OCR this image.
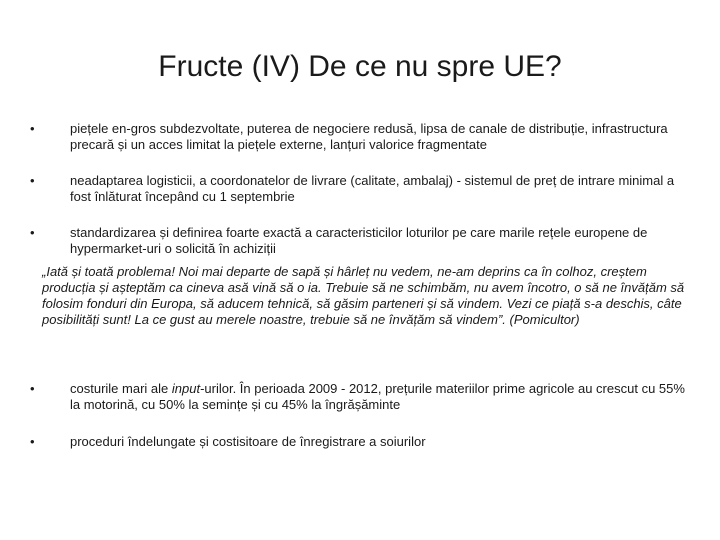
Fructe (IV) De ce nu spre UE?
•	piețele en-gros subdezvoltate, puterea de negociere redusă, lipsa de canale de distribuție, infrastructura precară și un acces limitat la piețele externe, lanțuri valorice fragmentate
•	neadaptarea logisticii, a coordonatelor de livrare (calitate, ambalaj) - sistemul de preț de intrare minimal a fost înlăturat începând cu 1 septembrie
•	standardizarea și definirea foarte exactă a caracteristicilor loturilor pe care marile rețele europene de hypermarket-uri o solicită în achiziții

„Iată și toată problema! Noi mai departe de sapă și hârleț nu vedem, ne-am deprins ca în colhoz, creștem producția și așteptăm ca cineva asă vină să o ia. Trebuie să ne schimbăm, nu avem încotro, o să ne învățăm să folosim fonduri din Europa, să aducem tehnică, să găsim parteneri și să vindem. Vezi ce piață s-a deschis, câte posibilități sunt! La ce gust au merele noastre, trebuie să ne învățăm să vindem”. (Pomicultor)

•	costurile mari ale input-urilor. În perioada 2009 - 2012, prețurile materiilor prime agricole au crescut cu 55% la motorină, cu 50% la semințe și cu 45% la îngrășăminte
•	proceduri îndelungate și costisitoare de înregistrare a soiurilor
